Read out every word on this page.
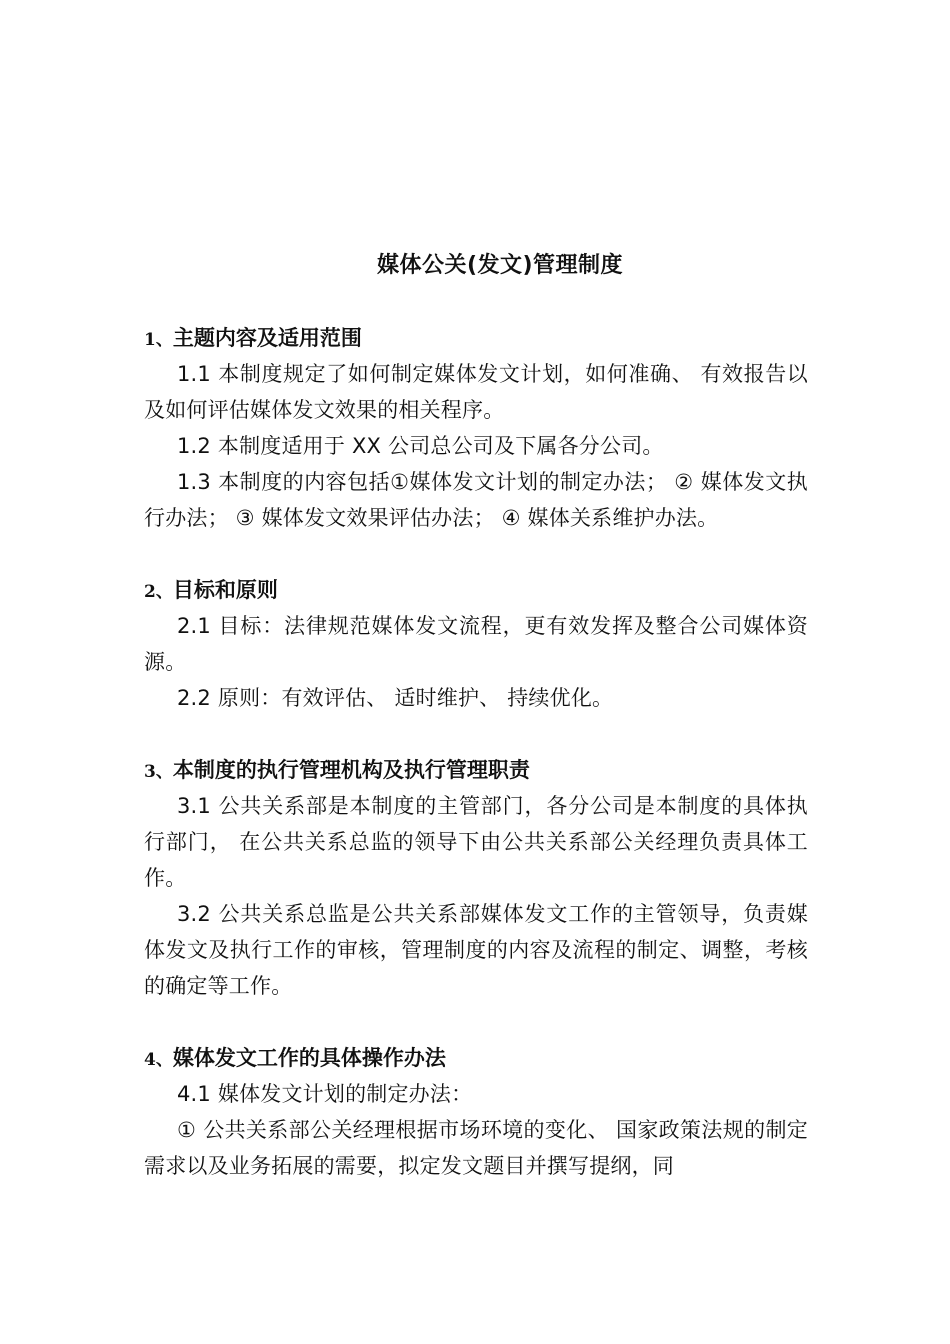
媒体公关(发文)管理制度
1、主题内容及适用范围
1.1 本制度规定了如何制定媒体发文计划，如何准确、 有效报告以及如何评估媒体发文效果的相关程序。
1.2 本制度适用于 XX 公司总公司及下属各分公司。
1.3 本制度的内容包括①媒体发文计划的制定办法； ② 媒体发文执行办法； ③ 媒体发文效果评估办法； ④ 媒体关系维护办法。
2、目标和原则
2.1 目标：法律规范媒体发文流程，更有效发挥及整合公司媒体资源。
2.2 原则：有效评估、 适时维护、 持续优化。
3、本制度的执行管理机构及执行管理职责
3.1 公共关系部是本制度的主管部门，各分公司是本制度的具体执行部门， 在公共关系总监的领导下由公共关系部公关经理负责具体工作。
3.2 公共关系总监是公共关系部媒体发文工作的主管领导，负责媒体发文及执行工作的审核，管理制度的内容及流程的制定、调整，考核的确定等工作。
4、媒体发文工作的具体操作办法
4.1 媒体发文计划的制定办法：
① 公共关系部公关经理根据市场环境的变化、 国家政策法规的制定需求以及业务拓展的需要，拟定发文题目并撰写提纲，同
